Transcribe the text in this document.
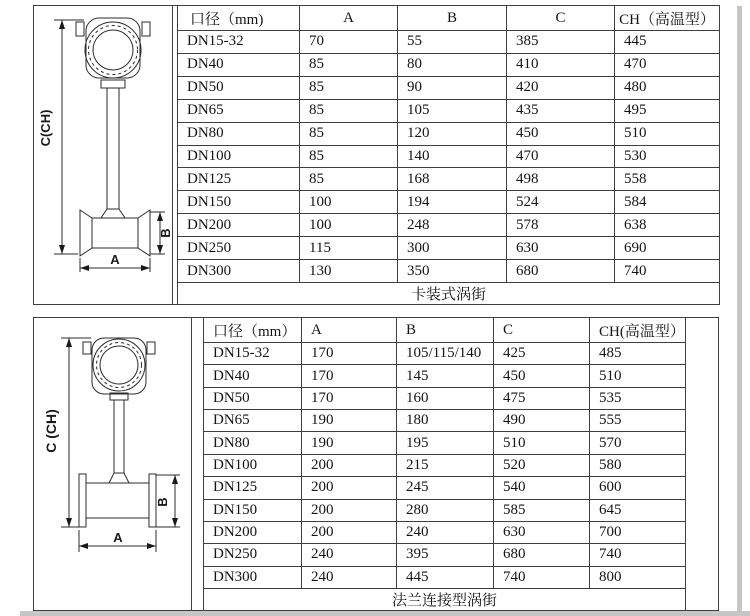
C(CH)
B
A
口径（mm)	A	B	C	CH（高温型）
DN15-32	70	55	385	445
DN40	85	80	410	470
DN50	85	90	420	480
DN65	85	105	435	495
DN80	85	120	450	510
DN100	85	140	470	530
DN125	85	168	498	558
DN150	100	194	524	584
DN200	100	248	578	638
DN250	115	300	630	690
DN300	130	350	680	740
卡装式涡街				
C (CH)
B
A
口径（mm）	A	B	C	CH(高温型）
DN15-32	170	105/115/140	425	485
DN40	170	145	450	510
DN50	170	160	475	535
DN65	190	180	490	555
DN80	190	195	510	570
DN100	200	215	520	580
DN125	200	245	540	600
DN150	200	280	585	645
DN200	200	240	630	700
DN250	240	395	680	740
DN300	240	445	740	800
法兰连接型涡街				
